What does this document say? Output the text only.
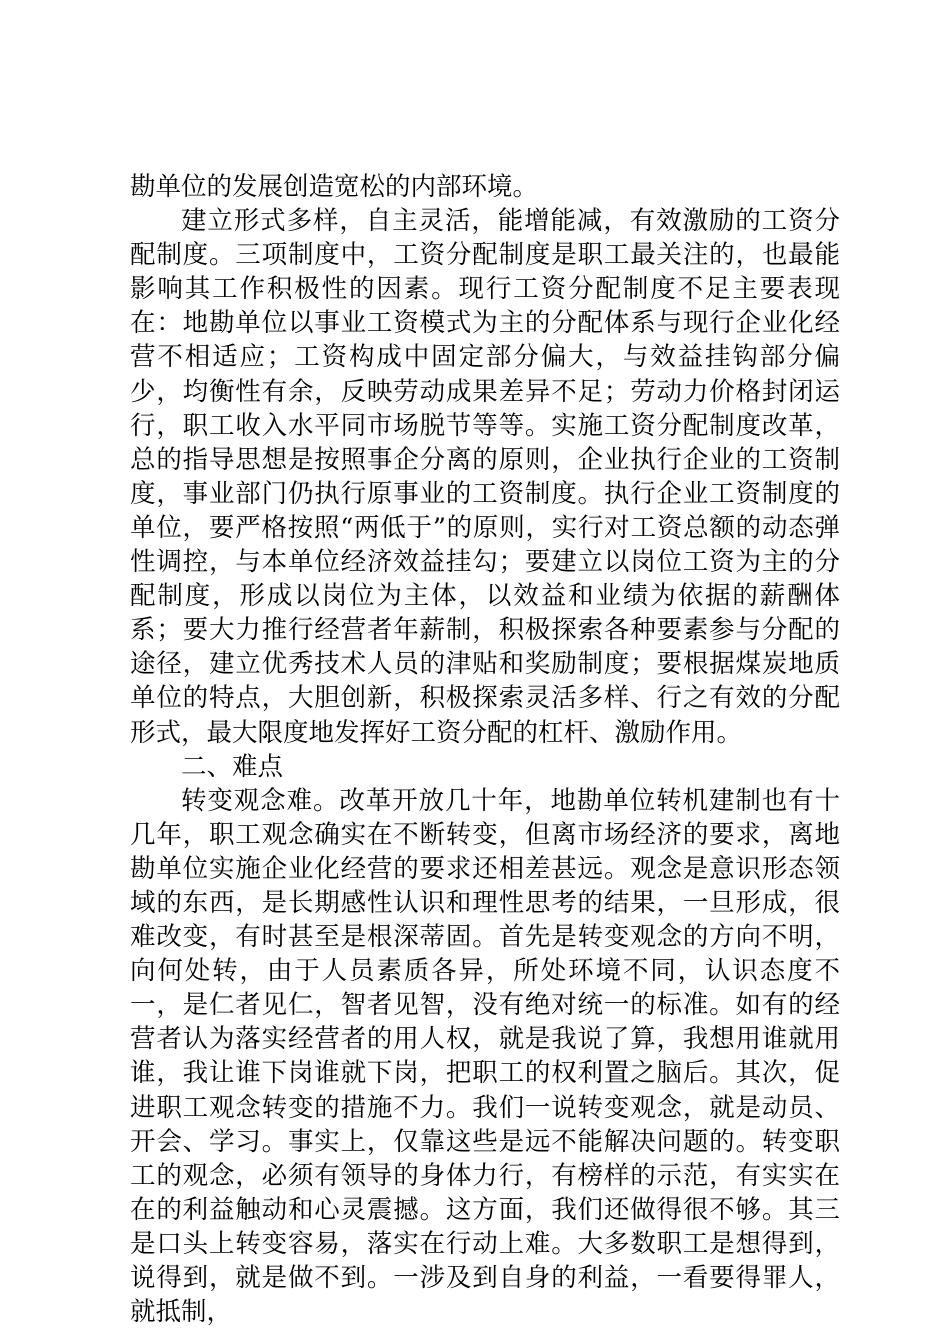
勘单位的发展创造宽松的内部环境。

建立形式多样，自主灵活，能增能减，有效激励的工资分配制度。三项制度中，工资分配制度是职工最关注的，也最能影响其工作积极性的因素。现行工资分配制度不足主要表现在：地勘单位以事业工资模式为主的分配体系与现行企业化经营不相适应；工资构成中固定部分偏大，与效益挂钩部分偏少，均衡性有余，反映劳动成果差异不足；劳动力价格封闭运行，职工收入水平同市场脱节等等。实施工资分配制度改革，总的指导思想是按照事企分离的原则，企业执行企业的工资制度，事业部门仍执行原事业的工资制度。执行企业工资制度的单位，要严格按照“两低于”的原则，实行对工资总额的动态弹性调控，与本单位经济效益挂勾；要建立以岗位工资为主的分配制度，形成以岗位为主体，以效益和业绩为依据的薪酬体系；要大力推行经营者年薪制，积极探索各种要素参与分配的途径，建立优秀技术人员的津贴和奖励制度；要根据煤炭地质单位的特点，大胆创新，积极探索灵活多样、行之有效的分配形式，最大限度地发挥好工资分配的杠杆、激励作用。

二、难点

转变观念难。改革开放几十年，地勘单位转机建制也有十几年，职工观念确实在不断转变，但离市场经济的要求，离地勘单位实施企业化经营的要求还相差甚远。观念是意识形态领域的东西，是长期感性认识和理性思考的结果，一旦形成，很难改变，有时甚至是根深蒂固。首先是转变观念的方向不明，向何处转，由于人员素质各异，所处环境不同，认识态度不一，是仁者见仁，智者见智，没有绝对统一的标准。如有的经营者认为落实经营者的用人权，就是我说了算，我想用谁就用谁，我让谁下岗谁就下岗，把职工的权利置之脑后。其次，促进职工观念转变的措施不力。我们一说转变观念，就是动员、开会、学习。事实上，仅靠这些是远不能解决问题的。转变职工的观念，必须有领导的身体力行，有榜样的示范，有实实在在的利益触动和心灵震撼。这方面，我们还做得很不够。其三是口头上转变容易，落实在行动上难。大多数职工是想得到，说得到，就是做不到。一涉及到自身的利益，一看要得罪人，就抵制，
